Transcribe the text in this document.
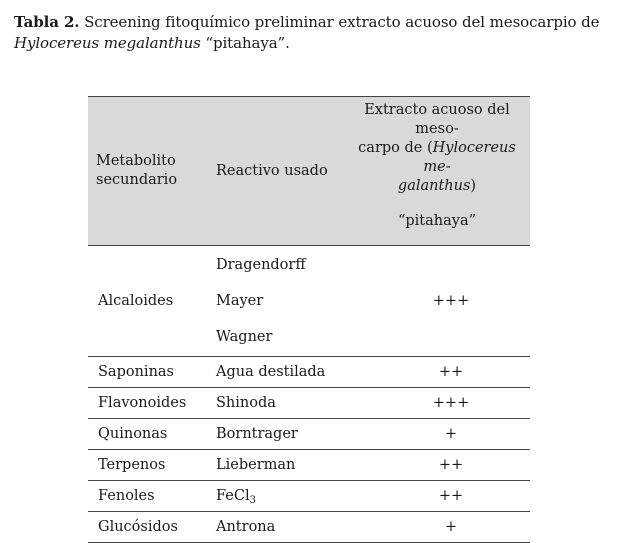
Tabla 2. Screening fitoquímico preliminar extracto acuoso del mesocarpio de Hylocereus megalanthus “pitahaya”.
Metabolito secundario	Reactivo usado	Extracto acuoso del meso-
carpo de (Hylocereus me-
galanthus)
“pitahaya”

Alcaloides	Dragendorff
Mayer
Wagner	+++
Saponinas	Agua destilada	++
Flavonoides	Shinoda	+++
Quinonas	Borntrager	+
Terpenos	Lieberman	++
Fenoles	FeCl$_3$	++
Glucósidos	Antrona	+
